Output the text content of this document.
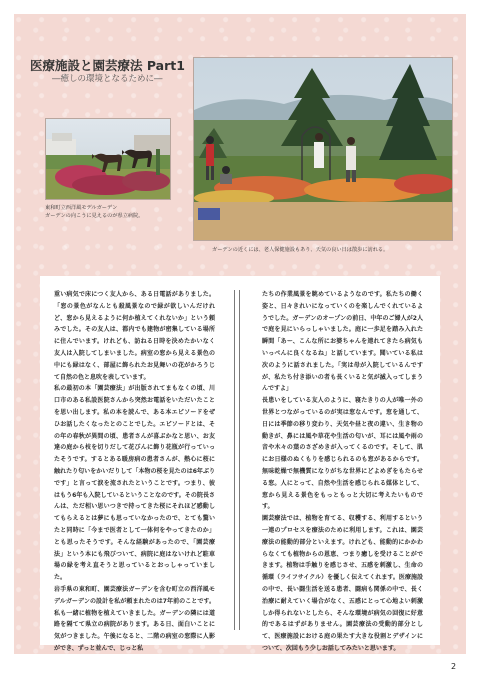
医療施設と園芸療法 Part1
―癒しの環境となるために―
東和町立西洋風モデルガーデン
ガーデンの向こうに見えるのが県立病院。
ガーデンの近くには、老人保健施設もあり、天気の良い日は散歩に訪れる。

重い病気で床につく友人から、ある日電話がありました。「窓の景色がなんとも殺風景なので緑が欲しいんだけれど、窓から見えるように何か植えてくれないか」という頼みでした。その友人は、都内でも建物が密集している場所に住んでいます。けれども、訪ねる日時を決めたかいなく友人は入院してしまいました。病室の窓から見える景色の中にも緑はなく、部屋に飾られたお見舞いの花がかろうじて自然の色と息吹を表しています。

私の最初の本「園芸療法」が出版されてまもなくの頃、川口市のある私設医院さんから突然お電話をいただいたことを思い出します。私の本を読んで、ある本エピソードをぜひお話したくなったとのことでした。エピソードとは、その年の春秋が異間の頃、患者さんが喜ぶかなと思い、お友達の庭から枝を切りだして花びんに飾り花瓶が行っていったそうです。するとある暖房病の患者さんが、熱心に桜に触れたり匂いをかいだりして「本物の桜を見たのは6年ぶりです」と言って涙を流されたということです。つまり、彼はもう6年も入院しているということなのです。その院長さんは、ただ相い思いつきで持ってきた桜にそれほど感動してもらえるとは夢にも思っていなかったので、とても驚いたと同時に「今まで医者として一体何をやってきたのか」とも思ったそうです。そんな経験があったので、「園芸療法」という本にも飛びついて、病院に庭はないけれど駐車場の緑を考え直そうと思っているとおっしゃっていました。

岩手県の東和町、園芸療法ガーデンを含む町立の西洋風モデルガーデンの設計を私が頼まれたのは7年前のことです。私も一緒に植物を植えていきました。ガーデンの隣には道路を隔てて県立の病院があります。ある日、面白いことに気がつきました。午後になると、二階の病室の窓際に人影ができ、ずっと並んで、じっと私

たちの作業風景を眺めているようなのです。私たちの働く姿と、日々きれいになっていくのを楽しんでくれているようでした。ガーデンのオープンの前日、中年のご婦人が2人で庭を見にいらっしゃいました。庭に一歩足を踏み入れた瞬間「あー、こんな所にお婆ちゃんを連れてきたら病気もいっぺんに良くなるね」と話しています。聞いている私は次のように話されました。「実は母が入院しているんですが、私たち付き添いの者も長くいると気が滅入ってしまうんですよ」

長患いをしている友人のように、寝たきりの人が唯一外の世界とつながっているのが実は窓なんです。窓を通して、日には季節の移り変わり、天気や昼と夜の違い、生き物の動きが、鼻には風や草花や生活の匂いが、耳には風や雨の音や木々の葉のさざめきが入ってくるのです。そして、肌にお日様のぬくもりを感じられるのも窓があるからです。無味乾燥で無機質になりがちな世界にどよめぎをもたらせる窓。人にとって、自然や生活を感じられる媒体として、窓から見える景色をもっともっと大切に考えたいものです。

園芸療法では、植物を育てる、収穫する、利用するという一連のプロセスを療法のために利用します。これは、園芸療法の能動的部分といえます。けれども、能動的にかかわらなくても植物からの恩恵、つまり癒しを受けることができます。植物は手触りを感じさせ、五感を刺激し、生命の循環（ライフサイクル）を優しく伝えてくれます。医療施設の中で、長い闘生活を送る患者、闘病も関係の中で、長く治療に耐えていく場合がなく、五感にとって心地よい刺激しか得られないとしたら、そんな環境が病気の回復に好意的であるはずがありません。園芸療法の受動的部分として、医療施設における庭の果たす大きな役割とデザインについて、次回もう少しお話してみたいと思います。

2
